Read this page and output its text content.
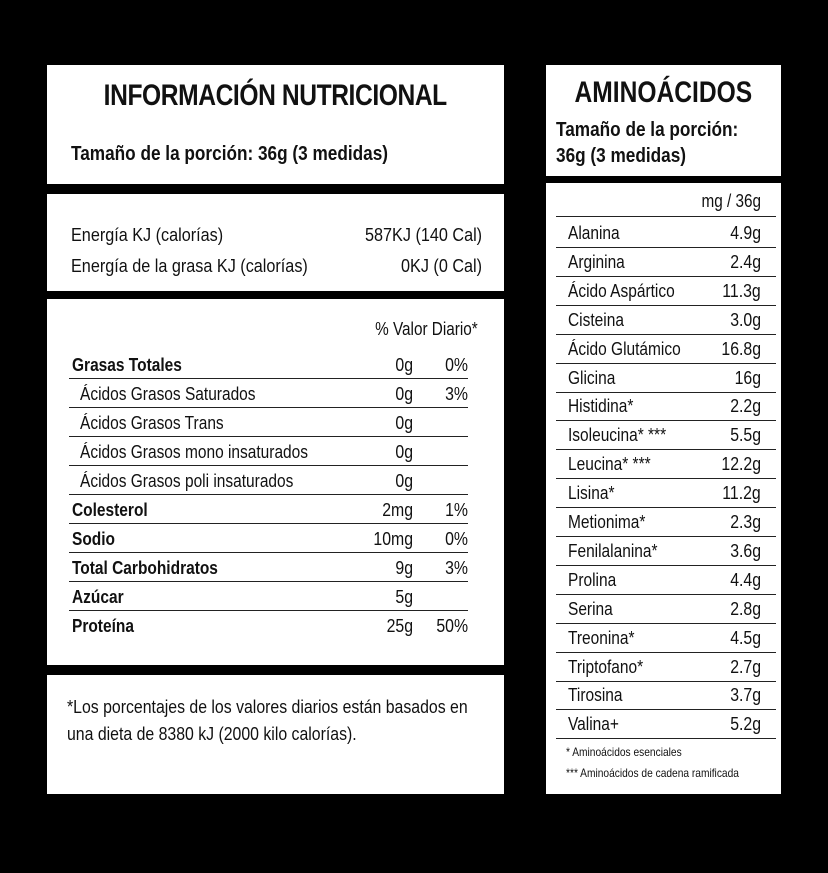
INFORMACIÓN NUTRICIONAL
Tamaño de la porción: 36g (3 medidas)
Energía KJ (calorías)	587KJ (140 Cal)
Energía de la grasa KJ (calorías)	0KJ (0 Cal)
% Valor Diario*
Grasas Totales	0g 0%
Ácidos Grasos Saturados	0g 3%
Ácidos Grasos Trans	0g
Ácidos Grasos mono insaturados	0g
Ácidos Grasos poli insaturados	0g
Colesterol	2mg 1%
Sodio	10mg 0%
Total Carbohidratos	9g 3%
Azúcar	5g
Proteína	25g 50%
*Los porcentajes de los valores diarios están basados en una dieta de 8380 kJ (2000 kilo calorías).
AMINOÁCIDOS
Tamaño de la porción:
36g (3 medidas)
mg / 36g
Alanina	4.9g
Arginina	2.4g
Ácido Aspártico	11.3g
Cisteina	3.0g
Ácido Glutámico	16.8g
Glicina	16g
Histidina*	2.2g
Isoleucina* ***	5.5g
Leucina* ***	12.2g
Lisina*	11.2g
Metionima*	2.3g
Fenilalanina*	3.6g
Prolina	4.4g
Serina	2.8g
Treonina*	4.5g
Triptofano*	2.7g
Tirosina	3.7g
Valina+	5.2g
* Aminoácidos esenciales
*** Aminoácidos de cadena ramificada
